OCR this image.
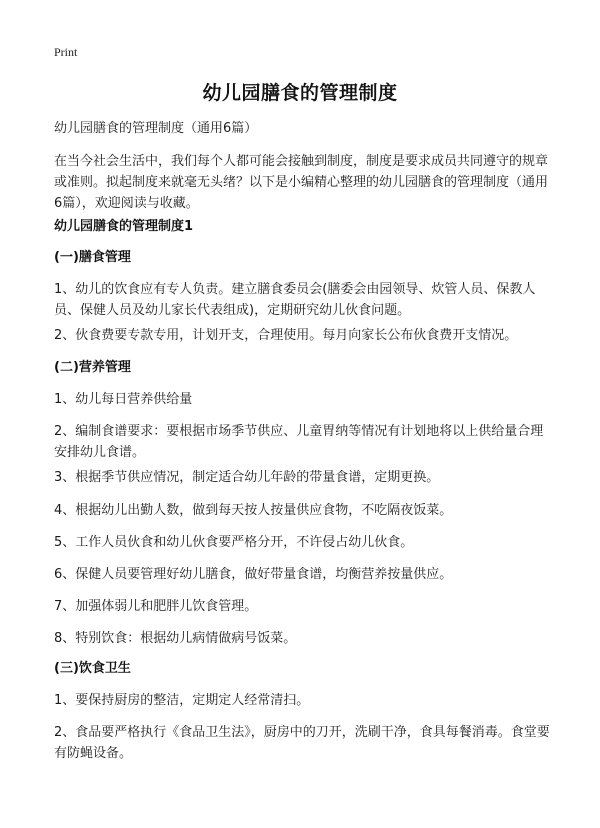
Print
幼儿园膳食的管理制度
幼儿园膳食的管理制度（通用6篇）
在当今社会生活中，我们每个人都可能会接触到制度，制度是要求成员共同遵守的规章或准则。拟起制度来就毫无头绪？以下是小编精心整理的幼儿园膳食的管理制度（通用6篇），欢迎阅读与收藏。
幼儿园膳食的管理制度1
(一)膳食管理
1、幼儿的饮食应有专人负责。建立膳食委员会(膳委会由园领导、炊管人员、保教人员、保健人员及幼儿家长代表组成)，定期研究幼儿伙食问题。
2、伙食费要专款专用，计划开支，合理使用。每月向家长公布伙食费开支情况。
(二)营养管理
1、幼儿每日营养供给量
2、编制食谱要求：要根据市场季节供应、儿童胃纳等情况有计划地将以上供给量合理安排幼儿食谱。
3、根据季节供应情况，制定适合幼儿年龄的带量食谱，定期更换。
4、根据幼儿出勤人数，做到每天按人按量供应食物，不吃隔夜饭菜。
5、工作人员伙食和幼儿伙食要严格分开，不许侵占幼儿伙食。
6、保健人员要管理好幼儿膳食，做好带量食谱，均衡营养按量供应。
7、加强体弱儿和肥胖儿饮食管理。
8、特别饮食：根据幼儿病情做病号饭菜。
(三)饮食卫生
1、要保持厨房的整洁，定期定人经常清扫。
2、食品要严格执行《食品卫生法》，厨房中的刀开，洗刷干净，食具每餐消毒。食堂要有防蝇设备。
